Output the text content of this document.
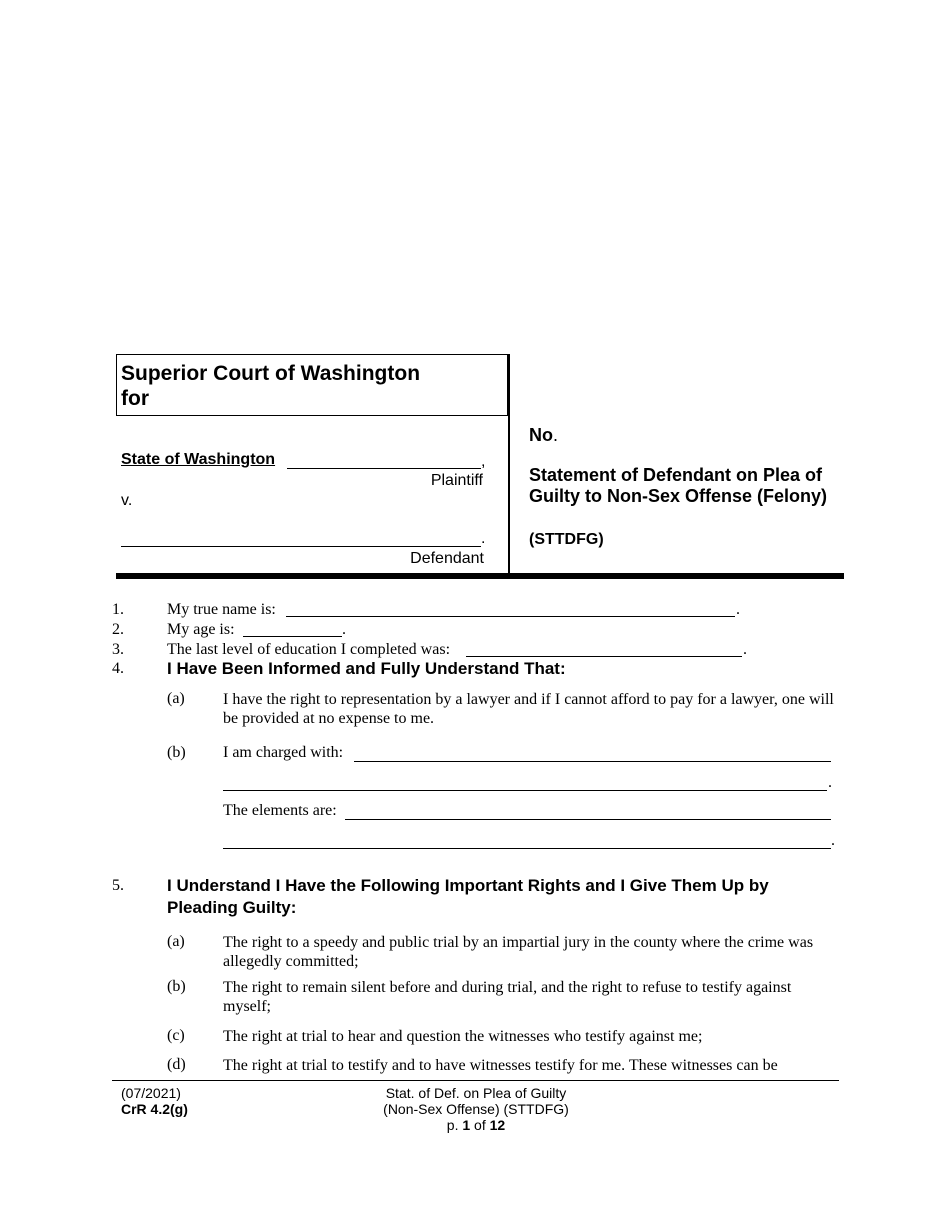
Superior Court of Washington
for
State of Washington	,
Plaintiff
v.
.
Defendant
No.
Statement of Defendant on Plea of Guilty to Non-Sex Offense (Felony)
(STTDFG)
1.	My true name is:	.
2.	My age is:	.
3.	The last level of education I completed was:	.
4.	I Have Been Informed and Fully Understand That:
(a) I have the right to representation by a lawyer and if I cannot afford to pay for a lawyer, one will be provided at no expense to me.
(b) I am charged with:
.
The elements are:
.
5.	I Understand I Have the Following Important Rights and I Give Them Up by Pleading Guilty:
(a) The right to a speedy and public trial by an impartial jury in the county where the crime was allegedly committed;
(b) The right to remain silent before and during trial, and the right to refuse to testify against myself;
(c) The right at trial to hear and question the witnesses who testify against me;
(d) The right at trial to testify and to have witnesses testify for me. These witnesses can be
(07/2021)
CrR 4.2(g)
Stat. of Def. on Plea of Guilty
(Non-Sex Offense) (STTDFG)
p. 1 of 12
